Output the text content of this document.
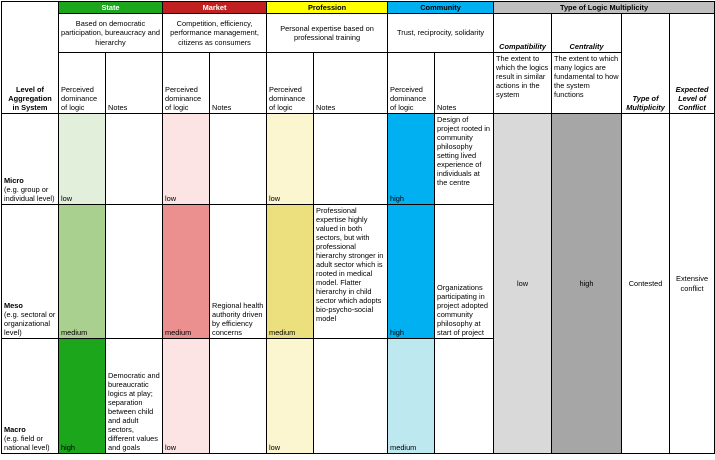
Level of Aggregation in System	State		Market		Profession		Community		Type of Logic Multiplicity			
	Based on democratic participation, bureaucracy and hierarchy		Competition, efficiency, performance management, citizens as consumers		Personal expertise based on professional training		Trust, reciprocity, solidarity		Compatibility	Centrality	Type of Multiplicity	Expected Level of Conflict
	Perceived dominance of logic	Notes	Perceived dominance of logic	Notes	Perceived dominance of logic	Notes	Perceived dominance of logic	Notes	The extent to which the logics result in similar actions in the system	The extent to which many logics are fundamental to how the system functions		
Micro
(e.g. group or individual level)	low		low		low		high	Design of project rooted in community philosophy setting lived experience of individuals at the centre	low	high	Contested	Extensive conflict
Meso
(e.g. sectoral or organizational level)	medium		medium	Regional health authority driven by efficiency concerns	medium	Professional expertise highly valued in both sectors, but with professional hierarchy stronger in adult sector which is rooted in medical model. Flatter hierarchy in child sector which adopts bio-psycho-social model	high	Organizations participating in project adopted community philosophy at start of project				
Macro
(e.g. field or national level)	high	Democratic and bureaucratic logics at play; separation between child and adult sectors, different values and goals	low		low		medium					
